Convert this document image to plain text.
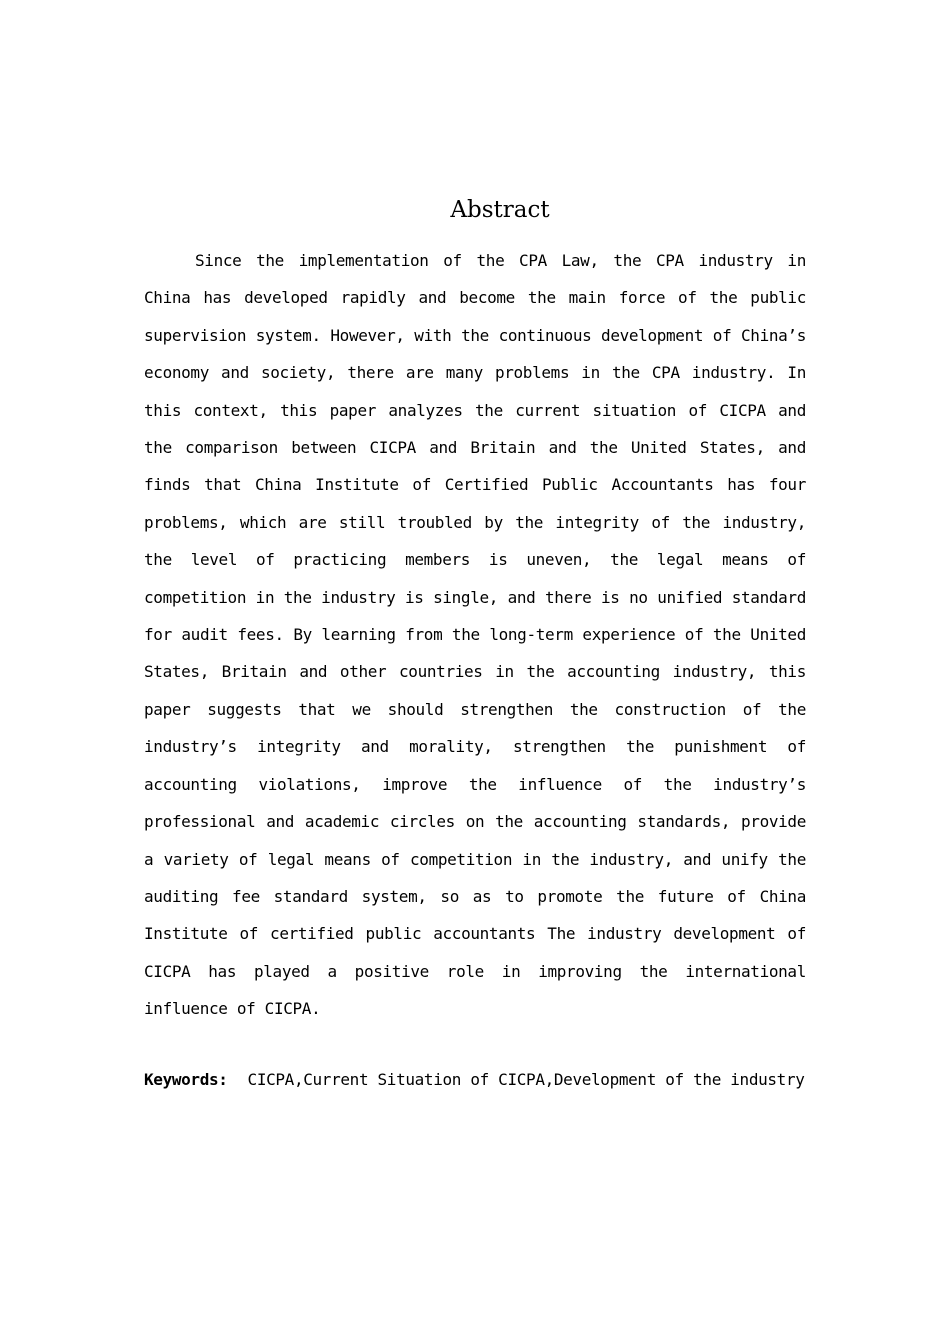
Abstract

Since the implementation of the CPA Law, the CPA industry in China has developed rapidly and become the main force of the public supervision system. However, with the continuous development of China’s economy and society, there are many problems in the CPA industry. In this context, this paper analyzes the current situation of CICPA and the comparison between CICPA and Britain and the United States, and finds that China Institute of Certified Public Accountants has four problems, which are still troubled by the integrity of the industry, the level of practicing members is uneven, the legal means of competition in the industry is single, and there is no unified standard for audit fees. By learning from the long-term experience of the United States, Britain and other countries in the accounting industry, this paper suggests that we should strengthen the construction of the industry’s integrity and morality, strengthen the punishment of accounting violations, improve the influence of the industry’s professional and academic circles on the accounting standards, provide a variety of legal means of competition in the industry, and unify the auditing fee standard system, so as to promote the future of China Institute of certified public accountants The industry development of CICPA has played a positive role in improving the international influence of CICPA.

Keywords: CICPA,Current Situation of CICPA,Development of the industry
